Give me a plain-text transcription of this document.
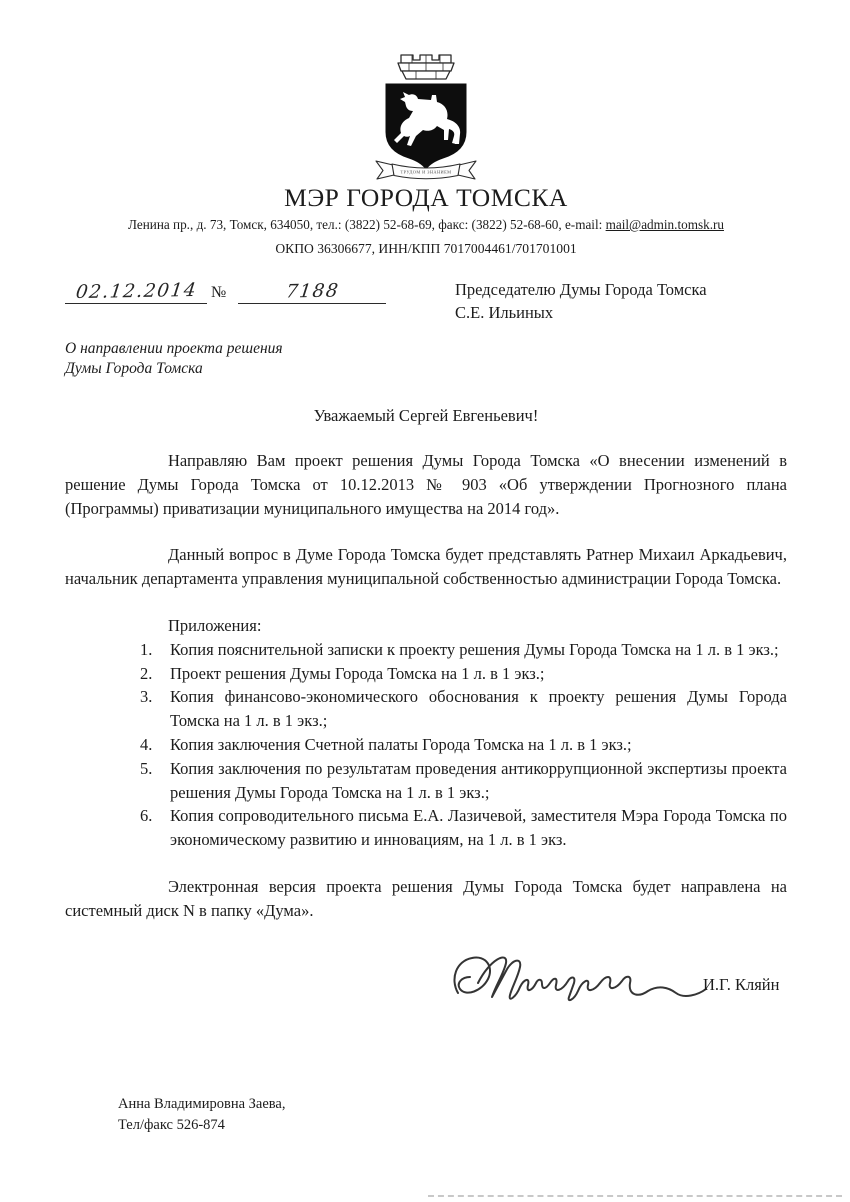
ТРУДОМ И ЗНАНИЕМ
МЭР ГОРОДА ТОМСКА
Ленина пр., д. 73, Томск, 634050, тел.: (3822) 52-68-69, факс: (3822) 52-68-60, e-mail: mail@admin.tomsk.ru
ОКПО 36306677, ИНН/КПП 7017004461/701701001
02.12.2014 №	7188	Председателю Думы Города Томска
С.Е. Ильиных
О направлении проекта решения
Думы Города Томска
Уважаемый Сергей Евгеньевич!

Направляю Вам проект решения Думы Города Томска «О внесении изменений в решение Думы Города Томска от 10.12.2013 № 903 «Об утверждении Прогнозного плана (Программы) приватизации муниципального имущества на 2014 год».

Данный вопрос в Думе Города Томска будет представлять Ратнер Михаил Аркадьевич, начальник департамента управления муниципальной собственностью администрации Города Томска.

Приложения:
Копия пояснительной записки к проекту решения Думы Города Томска на 1 л. в 1 экз.;
Проект решения Думы Города Томска на 1 л. в 1 экз.;
Копия финансово-экономического обоснования к проекту решения Думы Города Томска на 1 л. в 1 экз.;
Копия заключения Счетной палаты Города Томска на 1 л. в 1 экз.;
Копия заключения по результатам проведения антикоррупционной экспертизы проекта решения Думы Города Томска на 1 л. в 1 экз.;
Копия сопроводительного письма Е.А. Лазичевой, заместителя Мэра Города Томска по экономическому развитию и инновациям, на 1 л. в 1 экз.

Электронная версия проекта решения Думы Города Томска будет направлена на системный диск N в папку «Дума».

И.Г. Кляйн
Анна Владимировна Заева,
Тел/факс 526-874
